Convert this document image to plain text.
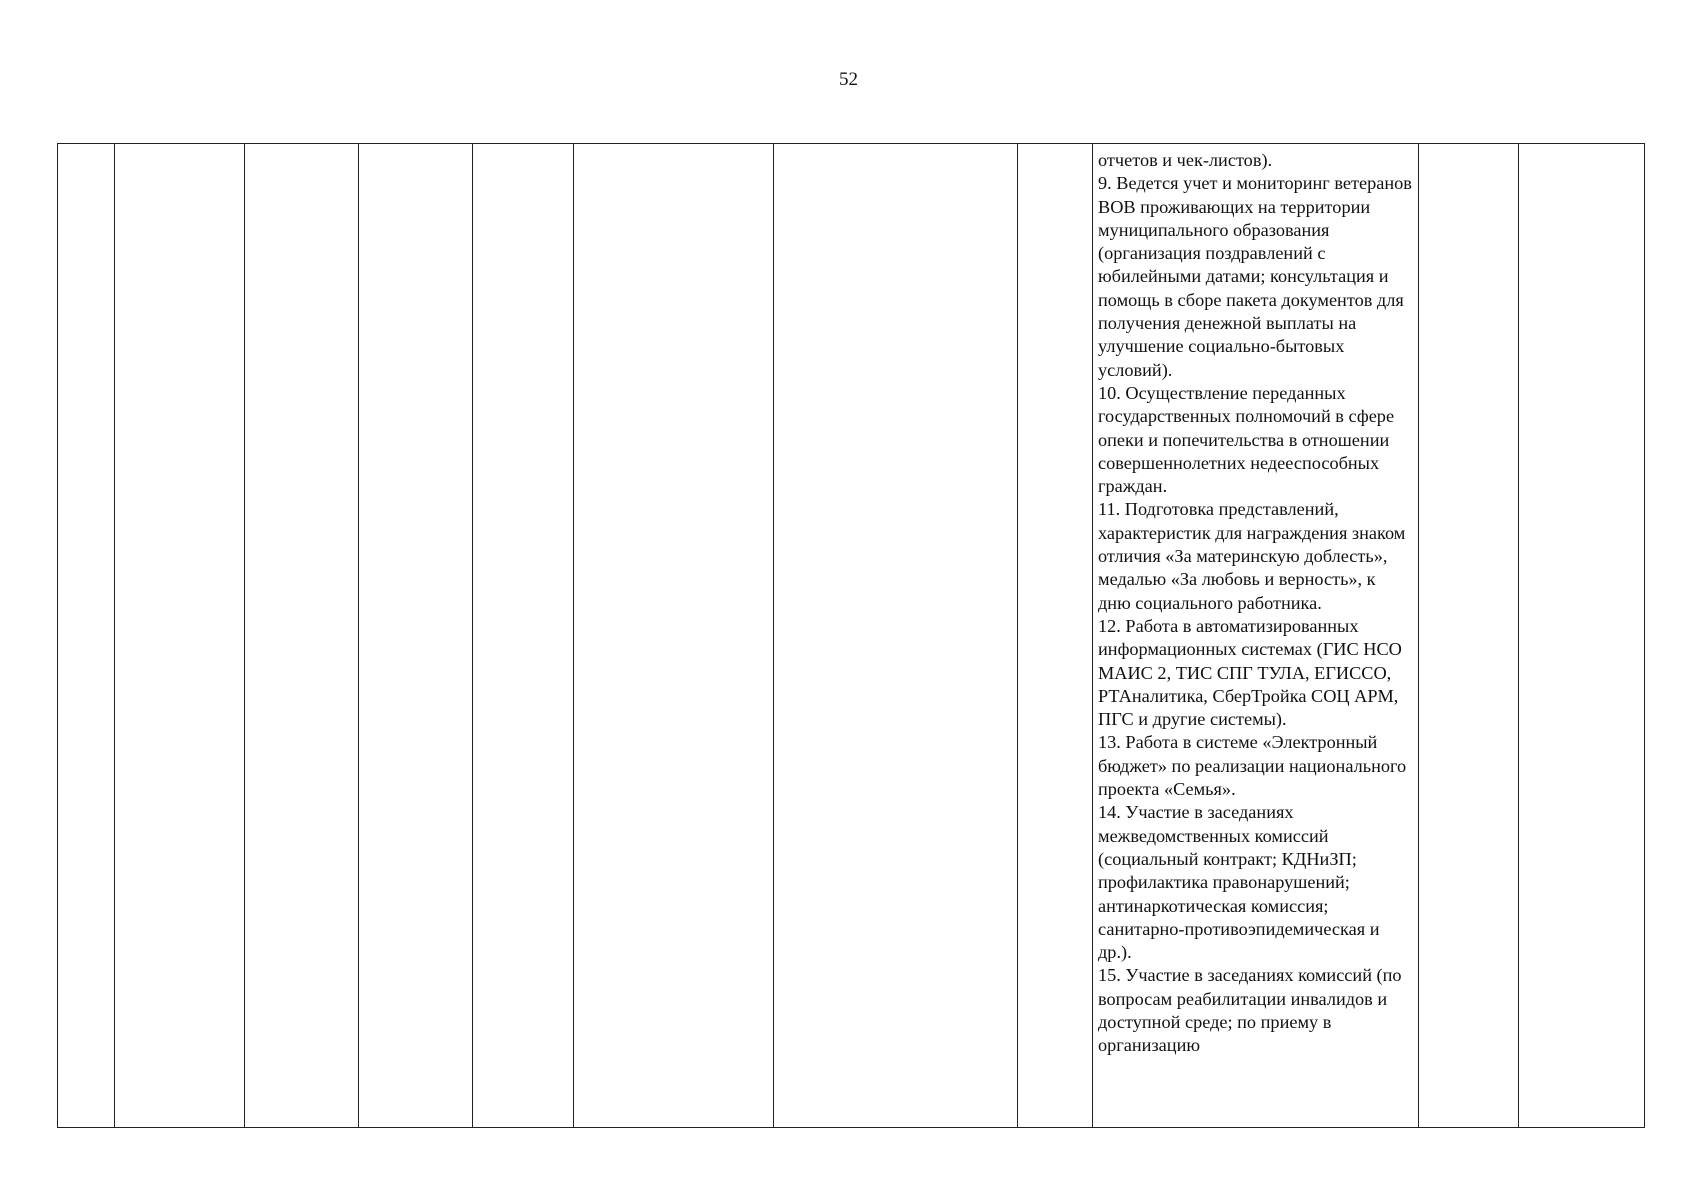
52
								отчетов и чек-листов).
9. Ведется учет и мониторинг ветеранов ВОВ проживающих на территории муниципального образования (организация поздравлений с юбилейными датами; консультация и помощь в сборе пакета документов для получения денежной выплаты на улучшение социально-бытовых условий).
10. Осуществление переданных государственных полномочий в сфере опеки и попечительства в отношении совершеннолетних недееспособных граждан.
11. Подготовка представлений, характеристик для награждения знаком отличия «За материнскую доблесть», медалью «За любовь и верность», к дню социального работника.
12. Работа в автоматизированных информационных системах (ГИС НСО МАИС 2, ТИС СПГ ТУЛА, ЕГИССО, РТАналитика, СберТройка СОЦ АРМ, ПГС и другие системы).
13. Работа в системе «Электронный бюджет» по реализации национального проекта «Семья».
14. Участие в заседаниях межведомственных комиссий (социальный контракт; КДНиЗП; профилактика правонарушений; антинаркотическая комиссия; санитарно-противоэпидемическая и др.).
15. Участие в заседаниях комиссий (по вопросам реабилитации инвалидов и доступной среде; по приему в организацию		
